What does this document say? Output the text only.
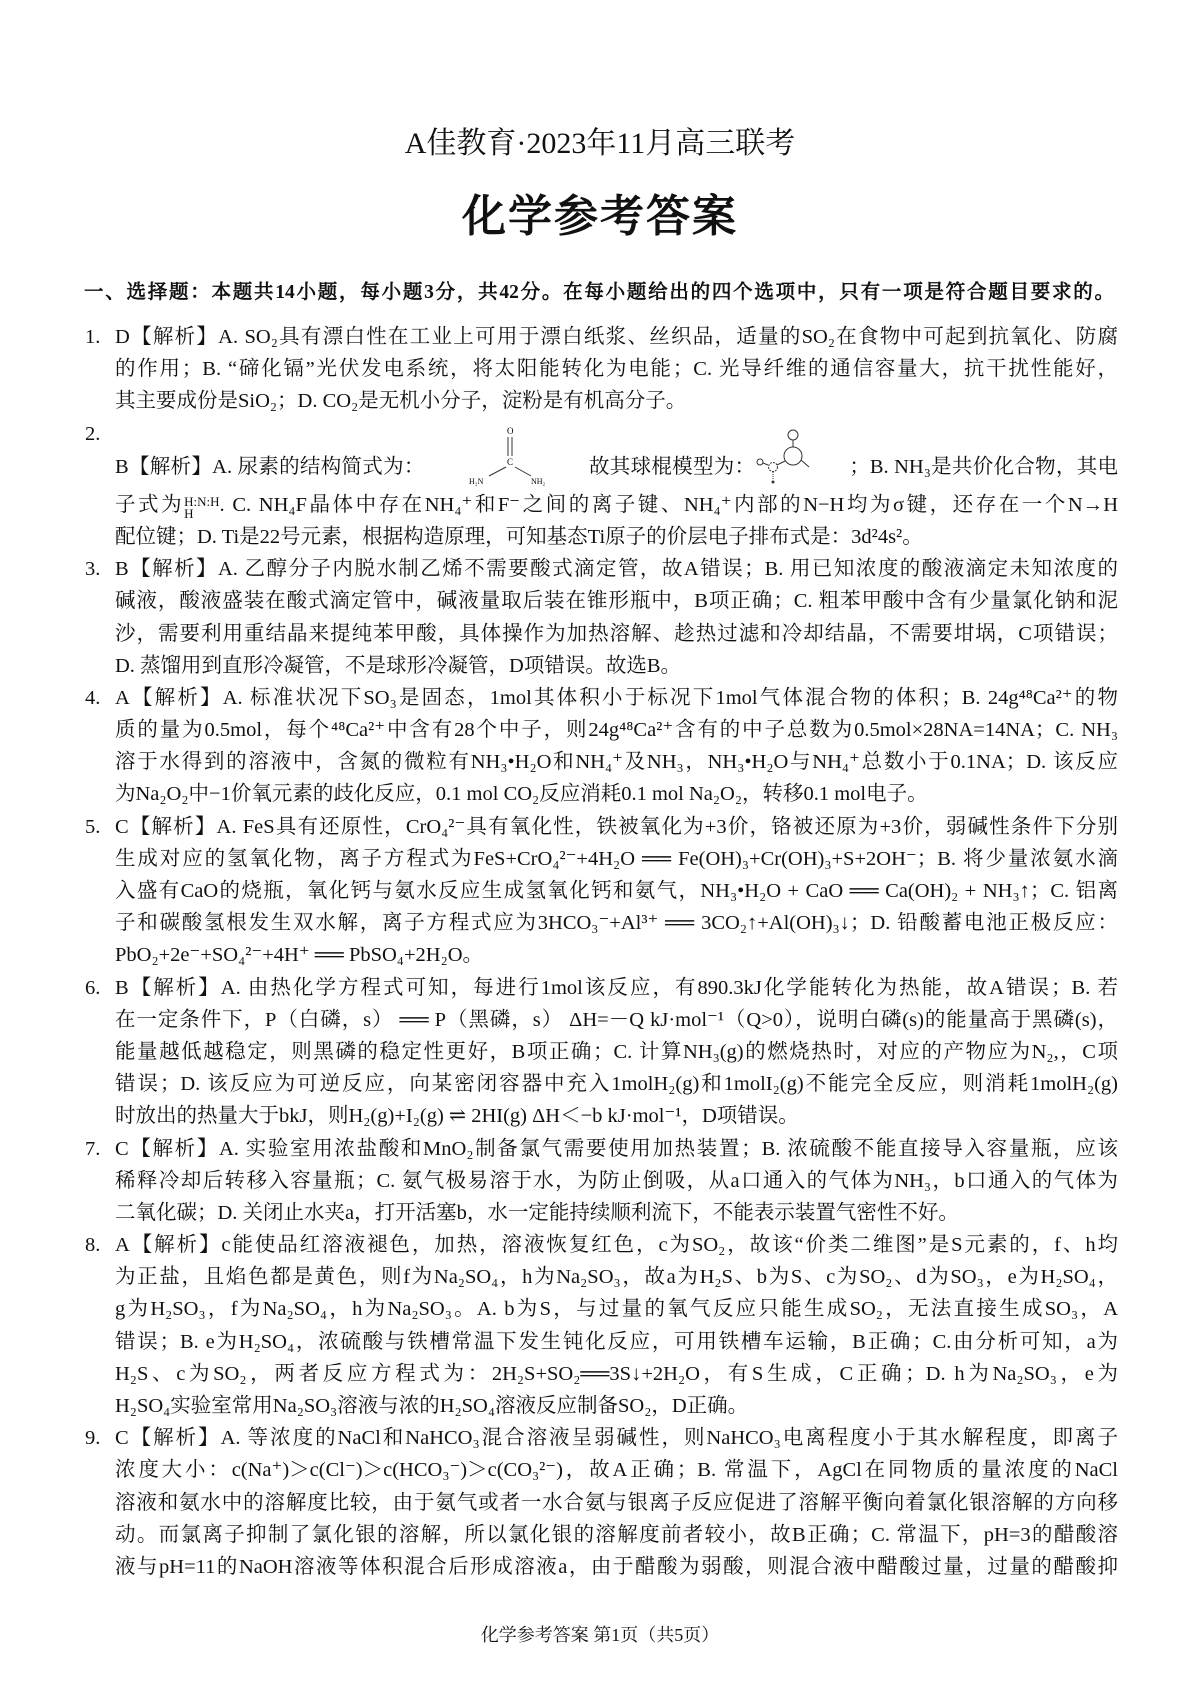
A佳教育·2023年11月高三联考
化学参考答案
一、选择题：本题共14小题，每小题3分，共42分。在每小题给出的四个选项中，只有一项是符合题目要求的。
1. D【解析】A. SO₂具有漂白性在工业上可用于漂白纸浆、丝织品，适量的SO₂在食物中可起到抗氧化、防腐
的作用；B. “碲化镉”光伏发电系统，将太阳能转化为电能；C. 光导纤维的通信容量大，抗干扰性能好，
其主要成份是SiO₂；D. CO₂是无机小分子，淀粉是有机高分子。
2.
B【解析】A. 尿素的结构简式为：
O
C
H₂N	NH₂
故其球棍模型为：	；B. NH₃是共价化合物，其电
子式为 H:N:H
H	. C. NH₄F晶体中存在NH₄⁺和F⁻之间的离子键、NH₄⁺内部的N−H均为σ键，还存在一个N→H
配位键；D. Ti是22号元素，根据构造原理，可知基态Ti原子的价层电子排布式是：3d²4s²。
3. B【解析】A. 乙醇分子内脱水制乙烯不需要酸式滴定管，故A错误；B. 用已知浓度的酸液滴定未知浓度的
碱液，酸液盛装在酸式滴定管中，碱液量取后装在锥形瓶中，B项正确；C. 粗苯甲酸中含有少量氯化钠和泥
沙，需要利用重结晶来提纯苯甲酸，具体操作为加热溶解、趁热过滤和冷却结晶，不需要坩埚，C项错误；
D. 蒸馏用到直形冷凝管，不是球形冷凝管，D项错误。故选B。
4. A【解析】A. 标准状况下SO₃是固态，1mol其体积小于标况下1mol气体混合物的体积；B. 24g⁴⁸Ca²⁺的物
质的量为0.5mol，每个⁴⁸Ca²⁺中含有28个中子，则24g⁴⁸Ca²⁺含有的中子总数为0.5mol×28NA=14NA；C. NH₃
溶于水得到的溶液中，含氮的微粒有NH₃•H₂O和NH₄⁺及NH₃，NH₃•H₂O与NH₄⁺总数小于0.1NA；D. 该反应
为Na₂O₂中−1价氧元素的歧化反应，0.1 mol CO₂反应消耗0.1 mol Na₂O₂，转移0.1 mol电子。
5. C【解析】A. FeS具有还原性，CrO₄²⁻具有氧化性，铁被氧化为+3价，铬被还原为+3价，弱碱性条件下分别
生成对应的氢氧化物，离子方程式为FeS+CrO₄²⁻+4H₂O ══ Fe(OH)₃+Cr(OH)₃+S+2OH⁻；B. 将少量浓氨水滴
入盛有CaO的烧瓶，氧化钙与氨水反应生成氢氧化钙和氨气，NH₃•H₂O + CaO ══ Ca(OH)₂ + NH₃↑；C. 铝离
子和碳酸氢根发生双水解，离子方程式应为3HCO₃⁻+Al³⁺ ══ 3CO₂↑+Al(OH)₃↓；D. 铅酸蓄电池正极反应：
PbO₂+2e⁻+SO₄²⁻+4H⁺ ══ PbSO₄+2H₂O。
6. B【解析】A. 由热化学方程式可知，每进行1mol该反应，有890.3kJ化学能转化为热能，故A错误；B. 若
在一定条件下，P（白磷，s） ══ P（黑磷，s） ΔH=－Q kJ·mol⁻¹（Q>0），说明白磷(s)的能量高于黑磷(s)，
能量越低越稳定，则黑磷的稳定性更好，B项正确；C. 计算NH₃(g)的燃烧热时，对应的产物应为N₂,，C项
错误；D. 该反应为可逆反应，向某密闭容器中充入1molH₂(g)和1molI₂(g)不能完全反应，则消耗1molH₂(g)
时放出的热量大于bkJ，则H₂(g)+I₂(g) ⇌ 2HI(g) ΔH＜−b kJ·mol⁻¹，D项错误。
7. C【解析】A. 实验室用浓盐酸和MnO₂制备氯气需要使用加热装置；B. 浓硫酸不能直接导入容量瓶，应该
稀释冷却后转移入容量瓶；C. 氨气极易溶于水，为防止倒吸，从a口通入的气体为NH₃，b口通入的气体为
二氧化碳；D. 关闭止水夹a，打开活塞b，水一定能持续顺利流下，不能表示装置气密性不好。
8. A【解析】c能使品红溶液褪色，加热，溶液恢复红色，c为SO₂，故该“价类二维图”是S元素的，f、h均
为正盐，且焰色都是黄色，则f为Na₂SO₄，h为Na₂SO₃，故a为H₂S、b为S、c为SO₂、d为SO₃，e为H₂SO₄，
g为H₂SO₃，f为Na₂SO₄，h为Na₂SO₃。A. b为S，与过量的氧气反应只能生成SO₂，无法直接生成SO₃，A
错误；B. e为H₂SO₄，浓硫酸与铁槽常温下发生钝化反应，可用铁槽车运输，B正确；C.由分析可知，a为
H₂S、c为SO₂，两者反应方程式为：2H₂S+SO₂══3S↓+2H₂O，有S生成，C正确；D. h为Na₂SO₃，e为
H₂SO₄实验室常用Na₂SO₃溶液与浓的H₂SO₄溶液反应制备SO₂，D正确。
9. C【解析】A. 等浓度的NaCl和NaHCO₃混合溶液呈弱碱性，则NaHCO₃电离程度小于其水解程度，即离子
浓度大小：c(Na⁺)＞c(Cl⁻)＞c(HCO₃⁻)＞c(CO₃²⁻)，故A正确；B. 常温下，AgCl在同物质的量浓度的NaCl
溶液和氨水中的溶解度比较，由于氨气或者一水合氨与银离子反应促进了溶解平衡向着氯化银溶解的方向移
动。而氯离子抑制了氯化银的溶解，所以氯化银的溶解度前者较小，故B正确；C. 常温下，pH=3的醋酸溶
液与pH=11的NaOH溶液等体积混合后形成溶液a，由于醋酸为弱酸，则混合液中醋酸过量，过量的醋酸抑
化学参考答案 第1页（共5页）
